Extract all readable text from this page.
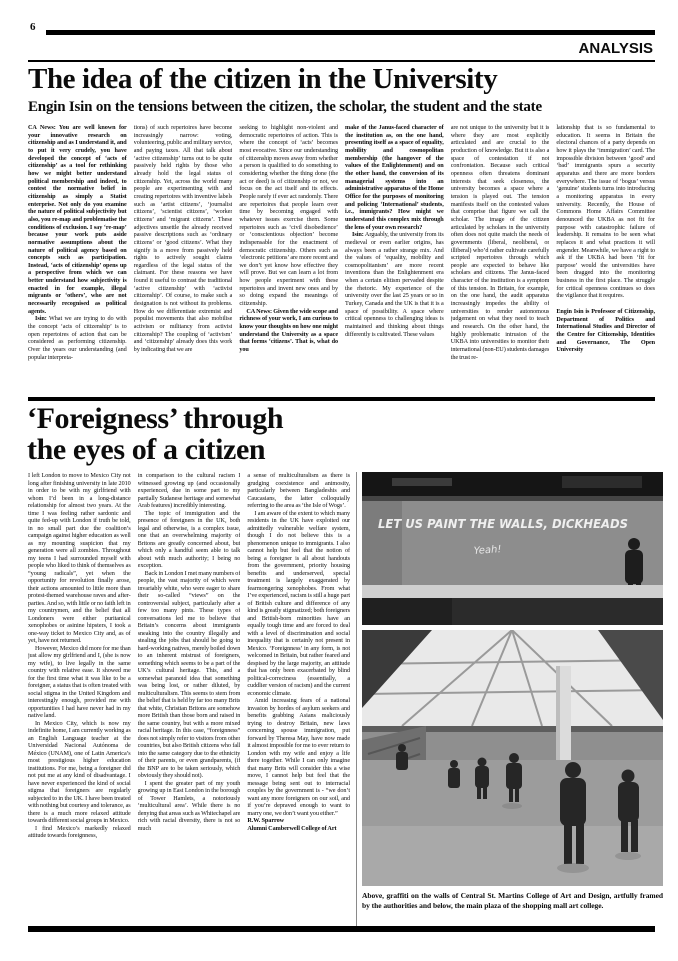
6
ANALYSIS
The idea of the citizen in the University
Engin Isin on the tensions between the citizen, the scholar, the student and the state

CA News: You are well known for your innovative research on citizenship and as I understand it, and to put it very crudely, you have developed the concept of ‘acts of citizenship’ as a tool for rethinking how we might better understand political membership and indeed, to contest the normative belief in citizenship as simply a Statist enterprise. Not only do you examine the nature of political subjectivity but also, you re-map and problematise the conditions of exclusion. I say ‘re-map’ because your work puts aside normative assumptions about the nature of political agency based on concepts such as participation. Instead, ‘acts of citizenship’ opens up a perspective from which we can better understand how subjectivity is enacted in for example, illegal migrants or ‘others’, who are not necessarily recognised as political agents.

Isin: What we are trying to do with the concept ‘acts of citizenship’ is to open repertoires of action that can be considered as performing citizenship. Over the years our understanding (and popular interpreta-

tions) of such repertoires have become increasingly narrow: voting, volunteering, public and military service, and paying taxes. All that talk about ‘active citizenship’ turns out to be quite passively held rights by those who already hold the legal status of citizenship. Yet, across the world many people are experimenting with and creating repertoires with inventive labels such as ‘artist citizens’, ‘journalist citizens’, ‘scientist citizens’, ‘worker citizens’ and ‘migrant citizens’. These adjectives unsettle the already received passive descriptions such as ‘ordinary citizens’ or ‘good citizens’. What they signify is a move from passively held rights to actively sought claims regardless of the legal status of the claimant. For these reasons we have found it useful to contrast the traditional ‘active citizenship’ with ‘activist citizenship’. Of course, to make such a designation is not without its problems. How do we differentiate extremist and populist movements that also mobilise activism or militancy from activist citizenship? The coupling of ‘activism’ and ‘citizenship’ already does this work by indicating that we are

seeking to highlight non-violent and democratic repertoires of action. This is where the concept of ‘acts’ becomes most evocative. Since our understanding of citizenship moves away from whether a person is qualified to do something to considering whether the thing done (the act or deed) is of citizenship or not, we focus on the act itself and its effects. People rarely if ever act randomly. There are repertoires that people learn over time by becoming engaged with whatever issues exercise them. Some repertoires such as ‘civil disobedience’ or ‘conscientious objection’ become indispensable for the enactment of democratic citizenship. Others such as ‘electronic petitions’ are more recent and we don’t yet know how effective they will prove. But we can learn a lot from how people experiment with these repertoires and invent new ones and by so doing expand the meanings of citizenship.

CA News: Given the wide scope and richness of your work, I am curious to know your thoughts on how one might understand the University as a space that forms ‘citizens’. That is, what do you

make of the Janus-faced character of the institution as, on the one hand, presenting itself as a space of equality, mobility and cosmopolitan membership (the hangover of the values of the Enlightenment) and on the other hand, the conversion of its managerial systems into an administrative apparatus of the Home Office for the purposes of monitoring and policing ‘International’ students, i.e., immigrants? How might we understand this complex mix through the lens of your own research?

Isin: Arguably, the university from its medieval or even earlier origins, has always been a rather strange mix. And the values of ‘equality, mobility and cosmopolitanism’ are more recent inventions than the Enlightenment era when a certain elitism pervaded despite the rhetoric. My experience of the university over the last 25 years or so in Turkey, Canada and the UK is that it is a space of possibility. A space where critical openness to challenging ideas is maintained and thinking about things differently is cultivated. These values

are not unique to the university but it is where they are most explicitly articulated and are crucial to the production of knowledge. But it is also a space of contestation if not confrontation. Because such critical openness often threatens dominant interests that seek closeness, the university becomes a space where a tension is played out. The tension manifests itself on the contested values that comprise that figure we call the scholar. The image of the citizen articulated by scholars in the university often does not quite match the needs of governments (liberal, neoliberal, or illiberal) who’d rather cultivate carefully scripted repertoires through which people are expected to behave like scholars and citizens. The Janus-faced character of the institution is a symptom of this tension. In Britain, for example, on the one hand, the audit apparatus increasingly impedes the ability of universities to render autonomous judgement on what they need to teach and research. On the other hand, the highly problematic intrusion of the UKBA into universities to monitor their international (non-EU) students damages the trust re-

lationship that is so fundamental to education. It seems in Britain the electoral chances of a party depends on how it plays the ‘immigration’ card. The impossible division between ‘good’ and ‘bad’ immigrants spurs a security apparatus and there are more borders everywhere. The issue of ‘bogus’ versus ‘genuine’ students turns into introducing a monitoring apparatus in every university. Recently, the House of Commons Home Affairs Committee denounced the UKBA as not fit for purpose with catastrophic failure of leadership. It remains to be seen what replaces it and what practices it will engender. Meanwhile, we have a right to ask if the UKBA had been ‘fit for purpose’ would the universities have been dragged into the monitoring business in the first place. The struggle for critical openness continues so does the vigilance that it requires.

Engin Isin is Professor of Citizenship, Department of Politics and International Studies and Director of the Centre for Citizenship, Identities and Governance, The Open University

‘Foreigness’ through
the eyes of a citizen

I left London to move to Mexico City not long after finishing university in late 2010 in order to be with my girlfriend with whom I’d been in a long-distance relationship for almost two years. At the time I was feeling rather sardonic and quite fed-up with London if truth be told, in no small part due the coalition’s campaign against higher education as well as my mounting suspicion that my generation were all zombies. Throughout my teens I had surrounded myself with people who liked to think of themselves as “young radicals”, yet when the opportunity for revolution finally arose, their actions amounted to little more than protest-themed warehouse raves and after-parties. And so, with little or no faith left in my countrymen, and the belief that all Londoners were either puritanical xenophobes or asinine hipsters, I took a one-way ticket to Mexico City and, as of yet, have not returned.

However, Mexico did more for me than just allow my girlfriend and I, (she is now my wife), to live legally in the same country with relative ease. It showed me for the first time what it was like to be a foreigner, a status that is often treated with social stigma in the United Kingdom and interestingly enough, provided me with opportunities I had have never had in my native land.

In Mexico City, which is now my indefinite home, I am currently working as an English Language teacher at the Universidad Nacional Autónoma de México (UNAM), one of Latin America’s most prestigious higher education institutions. For me, being a foreigner did not put me at any kind of disadvantage. I have never experienced the kind of social stigma that foreigners are regularly subjected to in the UK. I have been treated with nothing but courtesy and tolerance, as there is a much more relaxed attitude towards different social groups in Mexico.

I find Mexico’s markedly relaxed attitude towards foreignness,

in comparison to the cultural racism I witnessed growing up (and occasionally experienced, due in some part to my partially Sudanese heritage and somewhat Arab features) incredibly interesting.

The topic of immigration and the presence of foreigners in the UK, both legal and otherwise, is a complex issue, one that an overwhelming majority of Britons are greatly concerned about, but which only a handful seem able to talk about with much authority; I being no exception.

Back in London I met many numbers of people, the vast majority of which were invariably white, who were eager to share their so-called “views” on the controversial subject, particularly after a few too many pints. These types of conversations led me to believe that Britain’s concerns about immigrants sneaking into the country illegally and stealing the jobs that should be going to hard-working natives, merely boiled down to an inherent mistrust of foreigners, something which seems to be a part of the UK’s cultural heritage. This, and a somewhat paranoid idea that something was being lost, or rather diluted, by multiculturalism. This seems to stem from the belief that is held by far too many Brits that white, Christian Britons are somehow more British than those born and raised in the same country, but with a more mixed racial heritage. In this case, “foreignness” does not simply refer to visitors from other countries, but also British citizens who fall into the same category due to the ethnicity of their parents, or even grandparents, (if the BNP are to be taken seriously, which obviously they should not).

I spent the greater part of my youth growing up in East London in the borough of Tower Hamlets, a notoriously ‘multicultural area’. While there is no denying that areas such as Whitechapel are rich with racial diversity, there is not so much

a sense of multiculturalism as there is grudging coexistence and animosity, particularly between Bangladeshis and Caucasians, the latter colloquially referring to the area as ‘the Isle of Wogs’.

I am aware of the extent to which many residents in the UK have exploited our admittedly vulnerable welfare system, though I do not believe this is a phenomenon unique to immigrants. I also cannot help but feel that the notion of being a foreigner is all about handouts from the government, priority housing benefits and underserved, special treatment is largely exaggerated by fearmongering xenophobes. From what I’ve experienced, racism is still a huge part of British culture and difference of any kind is greatly stigmatized; both foreigners and British-born minorities have an equally tough time and are forced to deal with a level of discrimination and social inequality that is certainly not present in Mexico. ‘Foreignness’ in any form, is not welcomed in Britain, but rather feared and despised by the large majority, an attitude that has only been exacerbated by blind political-correctness (essentially, a cuddlier version of racism) and the current economic climate.

Amid increasing fears of a national invasion by hordes of asylum seekers and benefits grabbing Asians maliciously trying to destroy Britain, new laws concerning spouse immigration, put forward by Theresa May, have now made it almost imposible for me to ever return to London with my wife and enjoy a life there together. While I can only imagine that many Brits will consider this a wise move, I cannot help but feel that the message being sent out to interracial couples by the government is - “we don’t want any more foreigners on our soil, and if you’re depraved enough to want to marry one, we don’t want you either.”

R.W. Sparrow

Alumni Camberwell College of Art

LET US PAINT THE WALLS, DICKHEADS
Yeah!
Above, graffiti on the walls of Central St. Martins College of Art and Design, artfully framed by the authorities and below, the main plaza of the shopping mall art college.
